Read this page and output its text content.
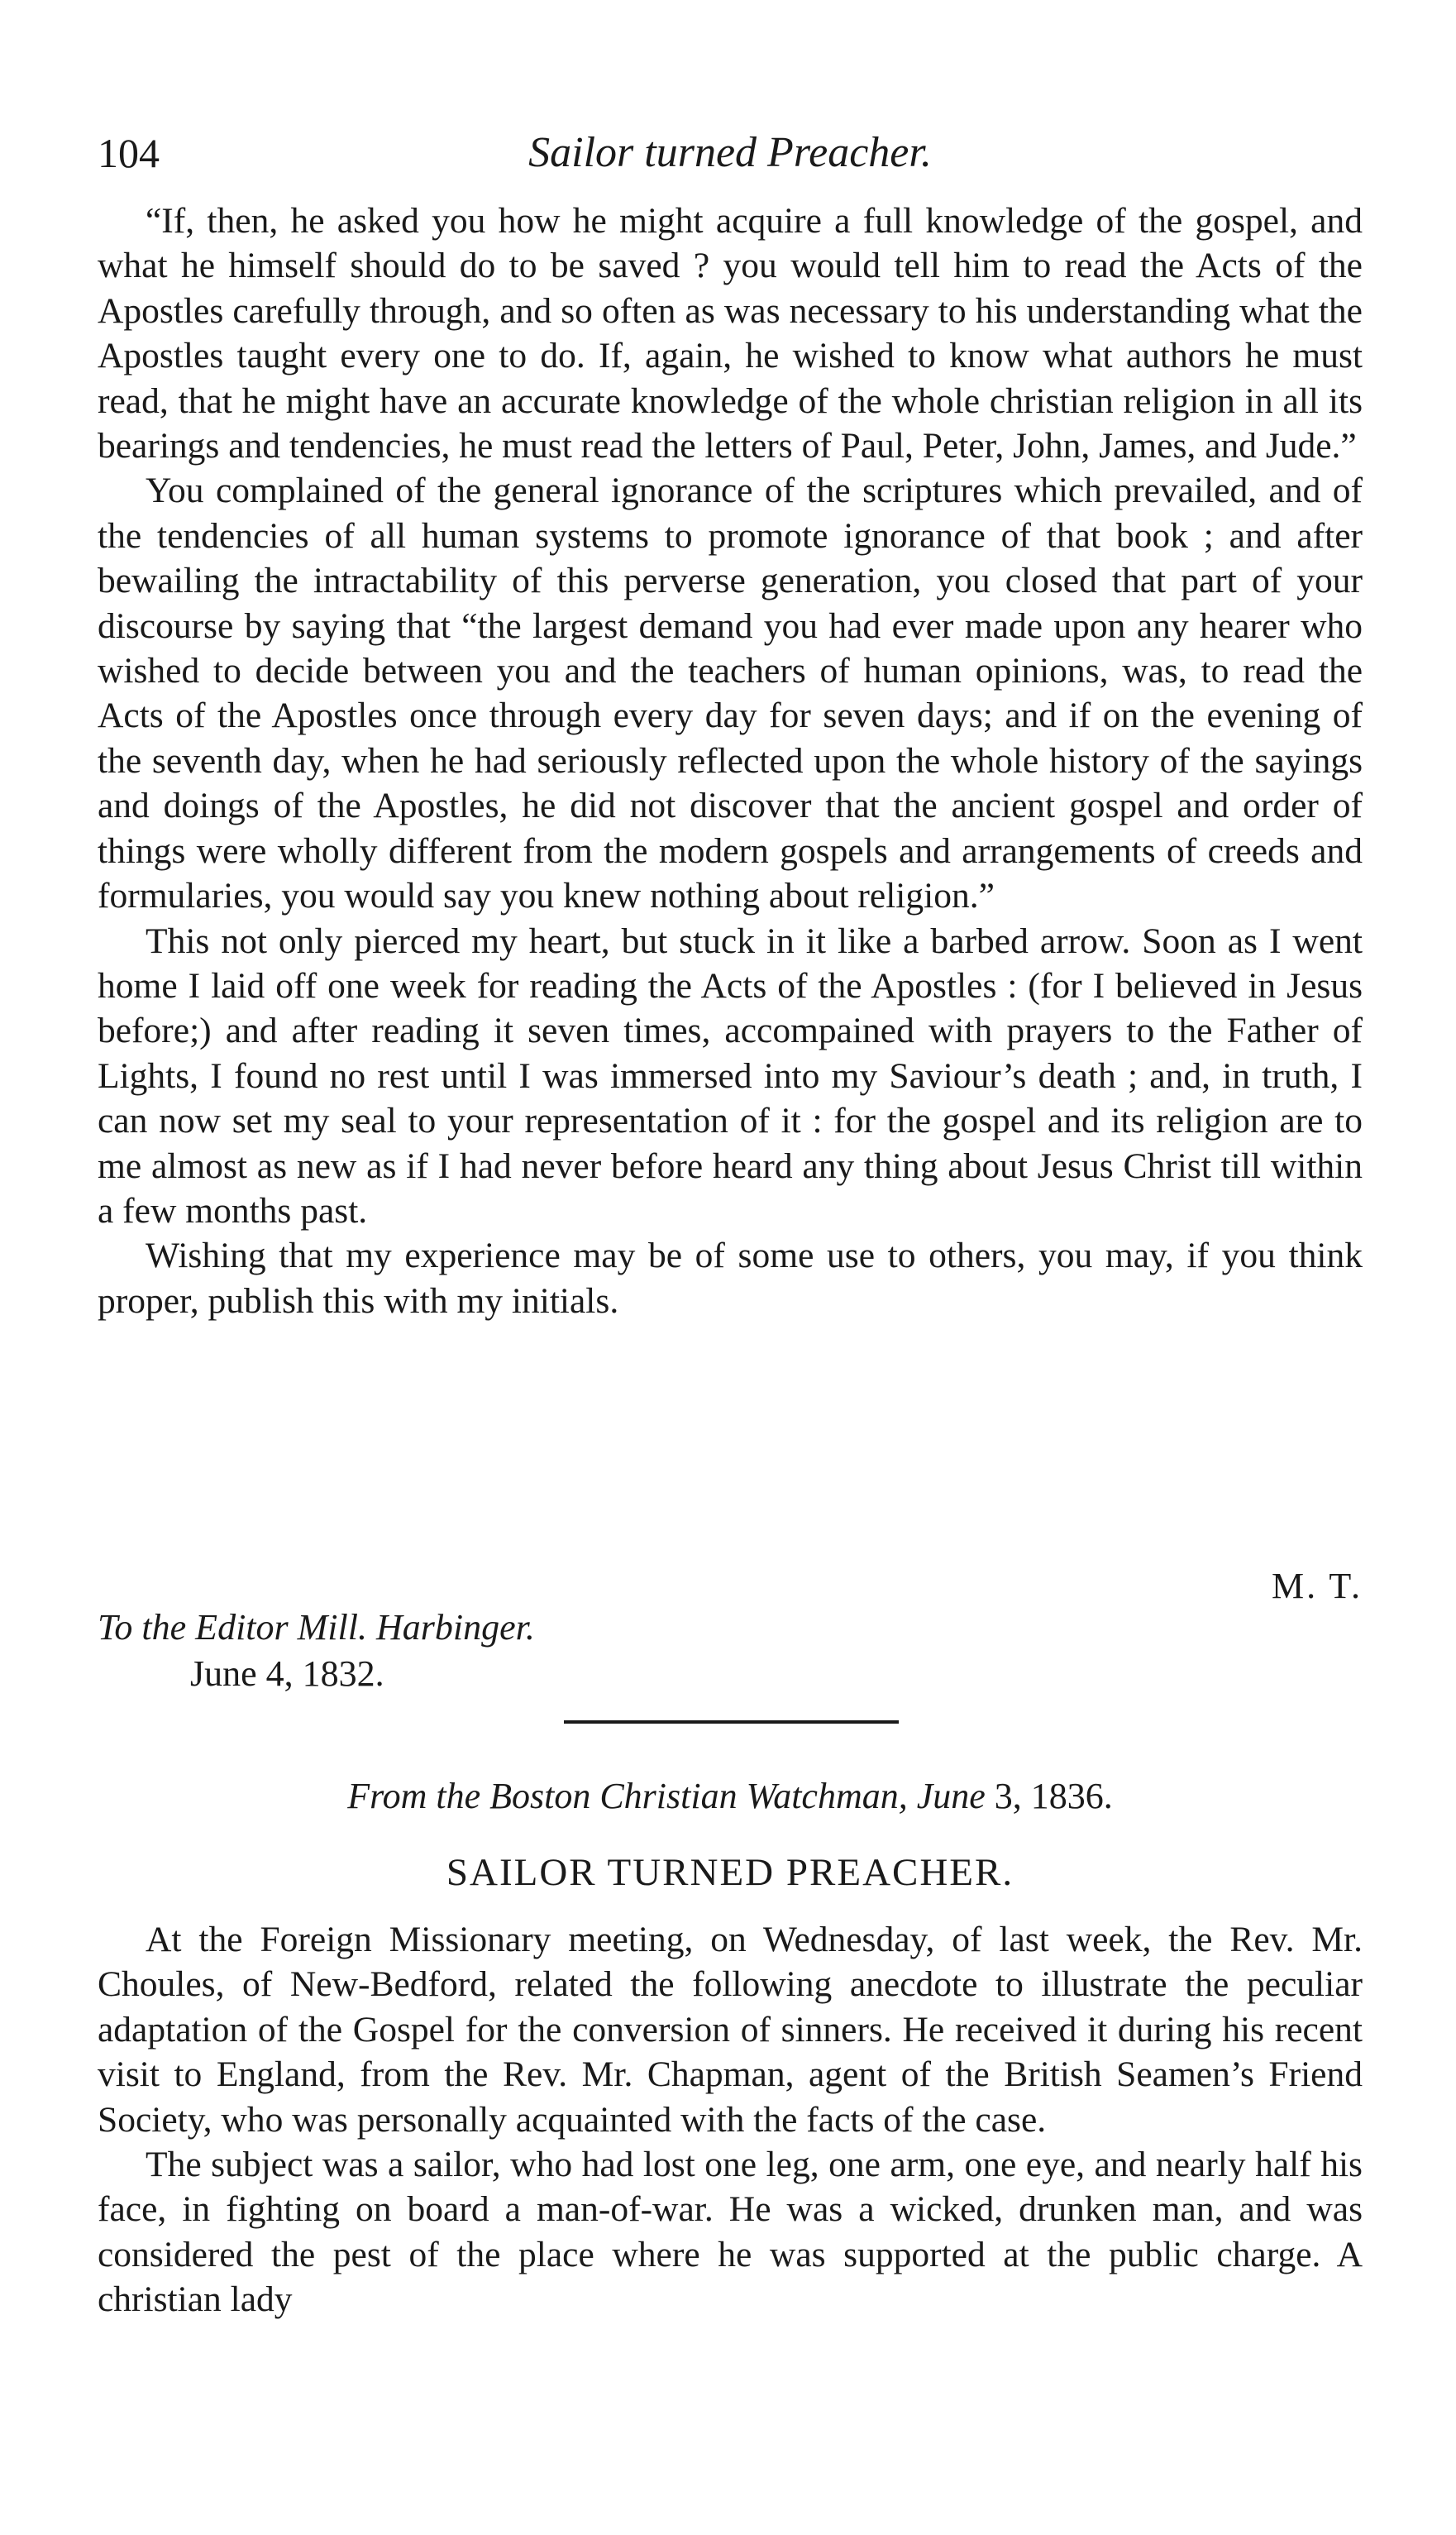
104	Sailor turned Preacher.

“If, then, he asked you how he might acquire a full knowledge of the gospel, and what he himself should do to be saved ? you would tell him to read the Acts of the Apostles carefully through, and so often as was necessary to his understanding what the Apostles taught every one to do. If, again, he wished to know what authors he must read, that he might have an accurate knowledge of the whole christian religion in all its bearings and tendencies, he must read the letters of Paul, Peter, John, James, and Jude.”

You complained of the general ignorance of the scriptures which prevailed, and of the tendencies of all human systems to promote ignorance of that book ; and after bewailing the intractability of this perverse generation, you closed that part of your discourse by saying that “the largest demand you had ever made upon any hearer who wished to decide between you and the teachers of human opinions, was, to read the Acts of the Apostles once through every day for seven days; and if on the evening of the seventh day, when he had seriously reflected upon the whole history of the sayings and doings of the Apostles, he did not discover that the ancient gospel and order of things were wholly different from the modern gospels and arrangements of creeds and formularies, you would say you knew nothing about religion.”

This not only pierced my heart, but stuck in it like a barbed arrow. Soon as I went home I laid off one week for reading the Acts of the Apostles : (for I believed in Jesus before;) and after reading it seven times, accompained with prayers to the Father of Lights, I found no rest until I was immersed into my Saviour’s death ; and, in truth, I can now set my seal to your representation of it : for the gospel and its religion are to me almost as new as if I had never before heard any thing about Jesus Christ till within a few months past.

Wishing that my experience may be of some use to others, you may, if you think proper, publish this with my initials.

M. T.
To the Editor Mill. Harbinger.
June 4, 1832.
From the Boston Christian Watchman, June 3, 1836.
SAILOR TURNED PREACHER.

At the Foreign Missionary meeting, on Wednesday, of last week, the Rev. Mr. Choules, of New-Bedford, related the following anecdote to illustrate the peculiar adaptation of the Gospel for the conversion of sinners. He received it during his recent visit to England, from the Rev. Mr. Chapman, agent of the British Seamen’s Friend Society, who was personally acquainted with the facts of the case.

The subject was a sailor, who had lost one leg, one arm, one eye, and nearly half his face, in fighting on board a man-of-war. He was a wicked, drunken man, and was considered the pest of the place where he was supported at the public charge. A christian lady
